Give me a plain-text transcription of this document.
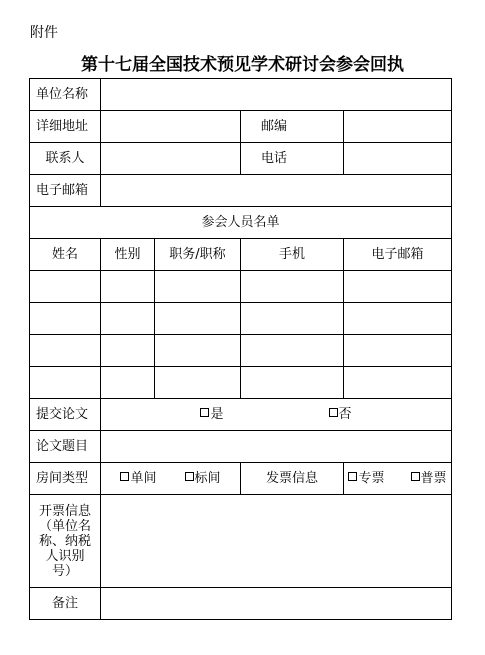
附件
第十七届全国技术预见学术研讨会参会回执
单位名称				
详细地址			邮编	
联系人			电话	
电子邮箱				
参会人员名单				
姓名	性别	职务/职称	手机	电子邮箱

提交论文	是 否			
论文题目				
房间类型	单间 标间		发票信息	专票 普票

开票信息
（单位名
称、纳税
人识别
号）				

备注				
